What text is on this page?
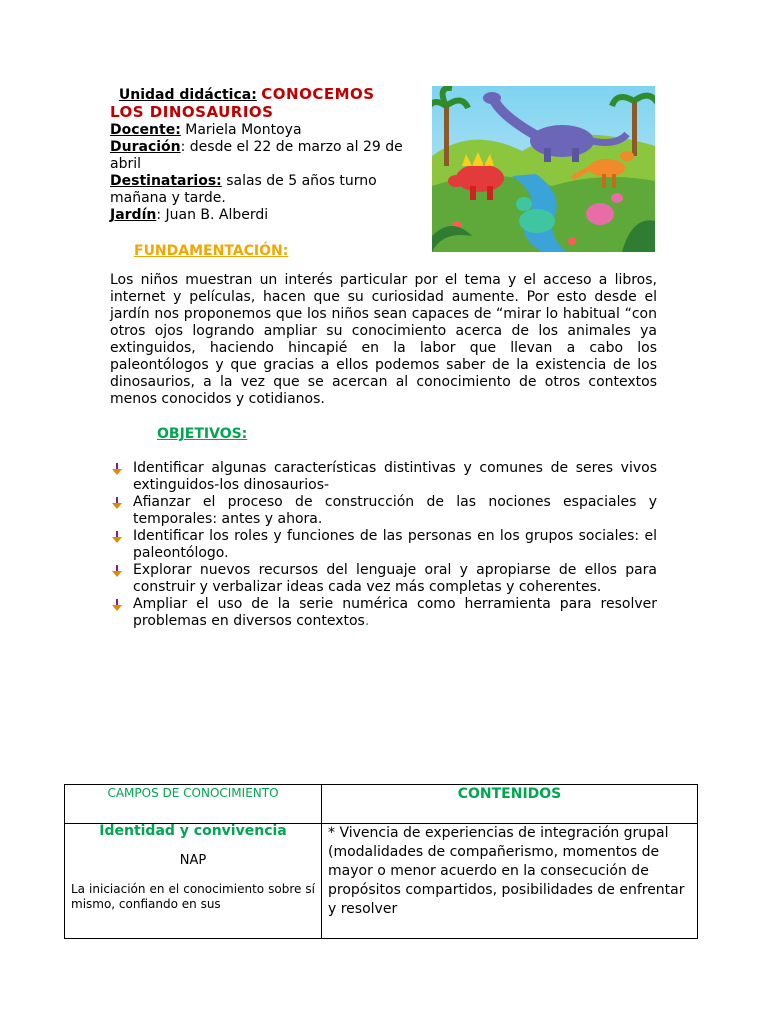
Unidad didáctica: CONOCEMOS

LOS DINOSAURIOS

Docente: Mariela Montoya

Duración: desde el 22 de marzo al 29 de abril

Destinatarios: salas de 5 años turno mañana y tarde.

Jardín: Juan B. Alberdi

FUNDAMENTACIÓN:
Los niños muestran un interés particular por el tema y el acceso a libros, internet y películas, hacen que su curiosidad aumente. Por esto desde el jardín nos proponemos que los niños sean capaces de “mirar lo habitual “con otros ojos logrando ampliar su conocimiento acerca de los animales ya extinguidos, haciendo hincapié en la labor que llevan a cabo los paleontólogos y que gracias a ellos podemos saber de la existencia de los dinosaurios, a la vez que se acercan al conocimiento de otros contextos menos conocidos y cotidianos.
OBJETIVOS:
Identificar algunas características distintivas y comunes de seres vivos extinguidos-los dinosaurios-
Afianzar el proceso de construcción de las nociones espaciales y temporales: antes y ahora.
Identificar los roles y funciones de las personas en los grupos sociales: el paleontólogo.
Explorar nuevos recursos del lenguaje oral y apropiarse de ellos para construir y verbalizar ideas cada vez más completas y coherentes.
Ampliar el uso de la serie numérica como herramienta para resolver problemas en diversos contextos.
CAMPOS DE CONOCIMIENTO	CONTENIDOS

Identidad y convivencia
NAP
La iniciación en el conocimiento sobre sí mismo, confiando en sus	* Vivencia de experiencias de integración grupal (modalidades de compañerismo, momentos de mayor o menor acuerdo en la consecución de propósitos compartidos, posibilidades de enfrentar y resolver
